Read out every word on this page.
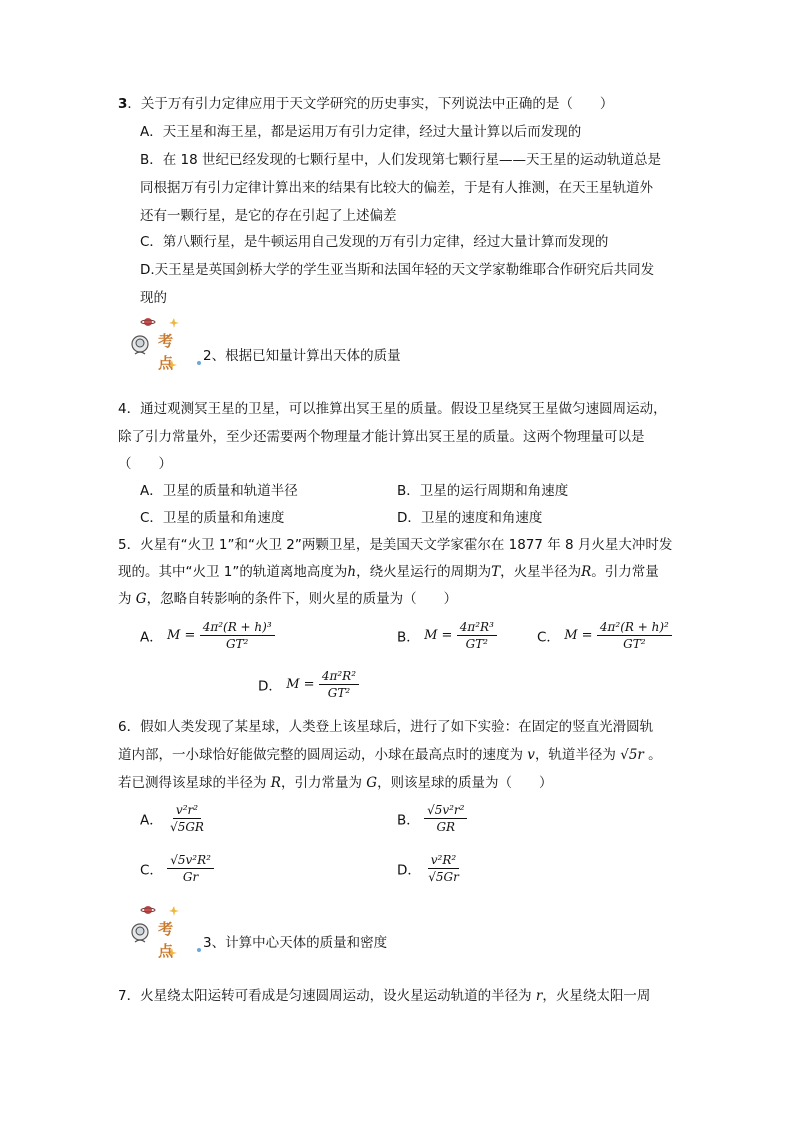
3．关于万有引力定律应用于天文学研究的历史事实，下列说法中正确的是（　　）
A．天王星和海王星，都是运用万有引力定律，经过大量计算以后而发现的
B．在 18 世纪已经发现的七颗行星中，人们发现第七颗行星——天王星的运动轨道总是
同根据万有引力定律计算出来的结果有比较大的偏差，于是有人推测，在天王星轨道外
还有一颗行星，是它的存在引起了上述偏差
C．第八颗行星，是牛顿运用自己发现的万有引力定律，经过大量计算而发现的
D.天王星是英国剑桥大学的学生亚当斯和法国年轻的天文学家勒维耶合作研究后共同发
现的
考
点 2、根据已知量计算出天体的质量
4．通过观测冥王星的卫星，可以推算出冥王星的质量。假设卫星绕冥王星做匀速圆周运动，
除了引力常量外，至少还需要两个物理量才能计算出冥王星的质量。这两个物理量可以是
（　　）
A．卫星的质量和轨道半径	B．卫星的运行周期和角速度
C．卫星的质量和角速度	D．卫星的速度和角速度
5．火星有“火卫 1”和“火卫 2”两颗卫星，是美国天文学家霍尔在 1877 年 8 月火星大冲时发
现的。其中“火卫 1”的轨道离地高度为h，绕火星运行的周期为T，火星半径为R。引力常量
为 G，忽略自转影响的条件下，则火星的质量为（　　）
A． $M = \frac{\text{4π²(R + h)³}}{\text{GT²}}$	B． $M = \frac{\text{4π²R³}}{\text{GT²}}$	C． $M = \frac{\text{4π²(R + h)²}}{\text{GT²}}$
D． $M = \frac{\text{4π²R²}}{\text{GT²}}$
6．假如人类发现了某星球，人类登上该星球后，进行了如下实验：在固定的竖直光滑圆轨
道内部，一小球恰好能做完整的圆周运动，小球在最高点时的速度为 v，轨道半径为 √5r 。
若已测得该星球的半径为 R，引力常量为 G，则该星球的质量为（　　）
A． $\frac{\text{v²r²}}{√5GR}$	B． $\frac{\text{√5v²r²}}{GR}$
C． $\frac{\text{√5v²R²}}{Gr}$	D． $\frac{\text{v²R²}}{√5Gr}$
考
点 3、计算中心天体的质量和密度
7．火星绕太阳运转可看成是匀速圆周运动，设火星运动轨道的半径为 r，火星绕太阳一周
